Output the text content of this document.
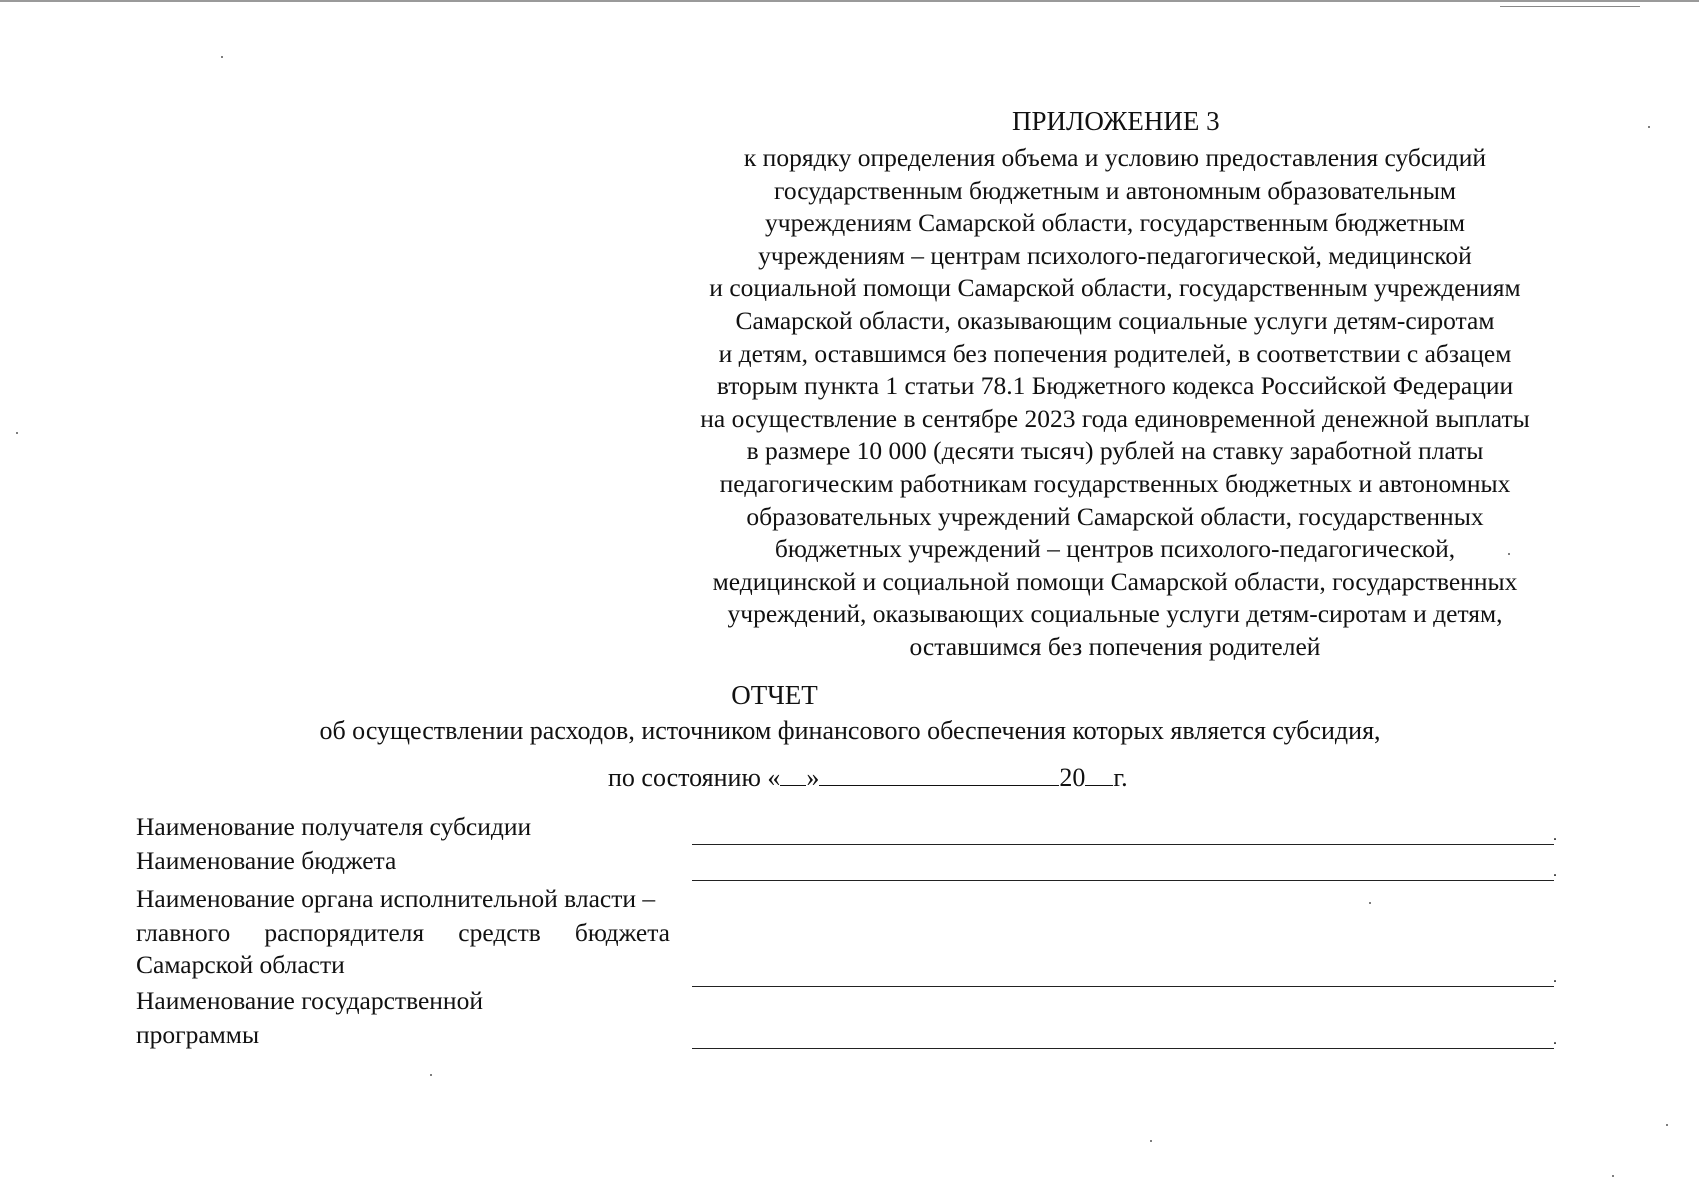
ПРИЛОЖЕНИЕ 3
к порядку определения объема и условию предоставления субсидий
государственным бюджетным и автономным образовательным
учреждениям Самарской области, государственным бюджетным
учреждениям – центрам психолого-педагогической, медицинской
и социальной помощи Самарской области, государственным учреждениям
Самарской области, оказывающим социальные услуги детям-сиротам
и детям, оставшимся без попечения родителей, в соответствии с абзацем
вторым пункта 1 статьи 78.1 Бюджетного кодекса Российской Федерации
на осуществление в сентябре 2023 года единовременной денежной выплаты
в размере 10 000 (десяти тысяч) рублей на ставку заработной платы
педагогическим работникам государственных бюджетных и автономных
образовательных учреждений Самарской области, государственных
бюджетных учреждений – центров психолого-педагогической,
медицинской и социальной помощи Самарской области, государственных
учреждений, оказывающих социальные услуги детям-сиротам и детям,
оставшимся без попечения родителей
ОТЧЕТ

об осуществлении расходов, источником финансового обеспечения которых является субсидия,

по состоянию « »	20 г.

Наименование получателя субсидии	.

Наименование бюджета	.

Наименование органа исполнительной власти –

главного распорядителя средств бюджета

Самарской области	.

Наименование государственной

программы	.
